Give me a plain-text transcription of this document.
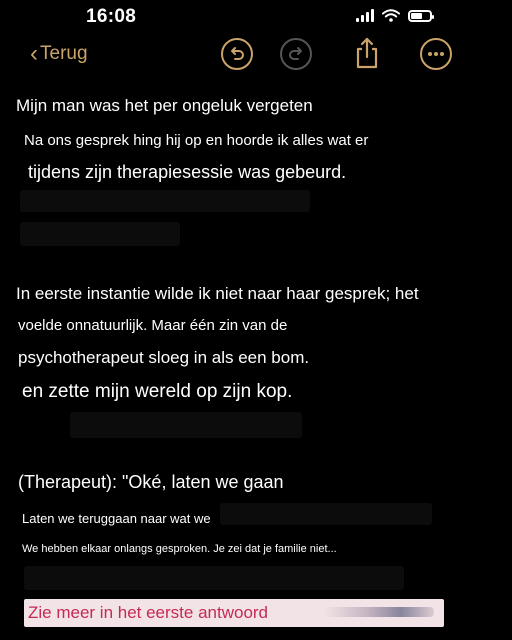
16:08
‹ Terug
Mijn man was het per ongeluk vergeten
Na ons gesprek hing hij op en hoorde ik alles wat er
tijdens zijn therapiesessie was gebeurd.
In eerste instantie wilde ik niet naar haar gesprek; het
voelde onnatuurlijk. Maar één zin van de
psychotherapeut sloeg in als een bom.
en zette mijn wereld op zijn kop.
(Therapeut): "Oké, laten we gaan
Laten we teruggaan naar wat we
We hebben elkaar onlangs gesproken. Je zei dat je familie niet...
Zie meer in het eerste antwoord
